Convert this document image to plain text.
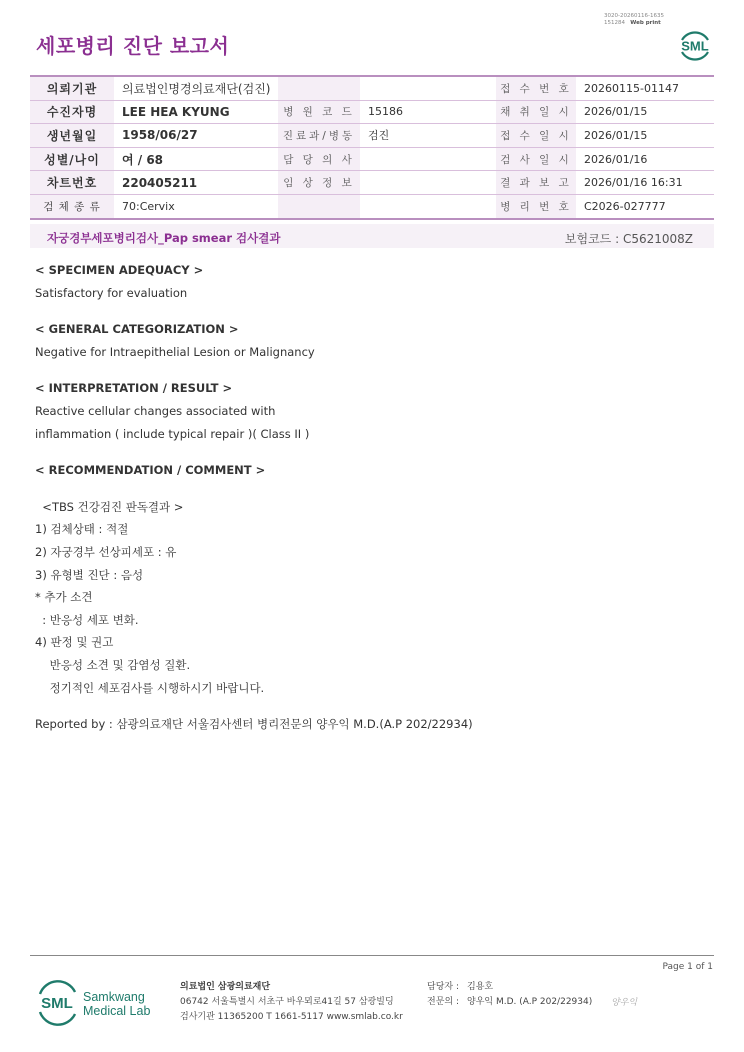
3020-20260116-1635
151284 Web print
세포병리 진단 보고서	SML
의뢰기관	의료법인명경의료재단(검진)			접 수 번 호	20260115-01147
수진자명	LEE HEA KYUNG	병 원 코 드	15186	채 취 일 시	2026/01/15
생년월일	1958/06/27	진료과/병동	검진	접 수 일 시	2026/01/15
성별/나이	여 / 68	담 당 의 사		검 사 일 시	2026/01/16
차트번호	220405211	임 상 정 보		결 과 보 고	2026/01/16 16:31
검 체 종 류	70:Cervix			병 리 번 호	C2026-027777
자궁경부세포병리검사_Pap smear 검사결과	보험코드 : C5621008Z
< SPECIMEN ADEQUACY >
Satisfactory for evaluation
< GENERAL CATEGORIZATION >
Negative for Intraepithelial Lesion or Malignancy
< INTERPRETATION / RESULT >
Reactive cellular changes associated with
inflammation ( include typical repair )( Class II )
< RECOMMENDATION / COMMENT >
<TBS 건강검진 판독결과 >
1) 검체상태 : 적절
2) 자궁경부 선상피세포 : 유
3) 유형별 진단 : 음성
* 추가 소견
: 반응성 세포 변화.
4) 판정 및 권고
반응성 소견 및 감염성 질환.
정기적인 세포검사를 시행하시기 바랍니다.
Reported by : 삼광의료재단 서울검사센터 병리전문의 양우익 M.D.(A.P 202/22934)
Page 1 of 1
SML Samkwang
Medical Lab
의료법인 삼광의료재단
06742 서울특별시 서초구 바우뫼로41길 57 삼광빌딩
검사기관 11365200 T 1661-5117 www.smlab.co.kr
담당자 : 김용호
전문의 : 양우익 M.D. (A.P 202/22934) 양우익
